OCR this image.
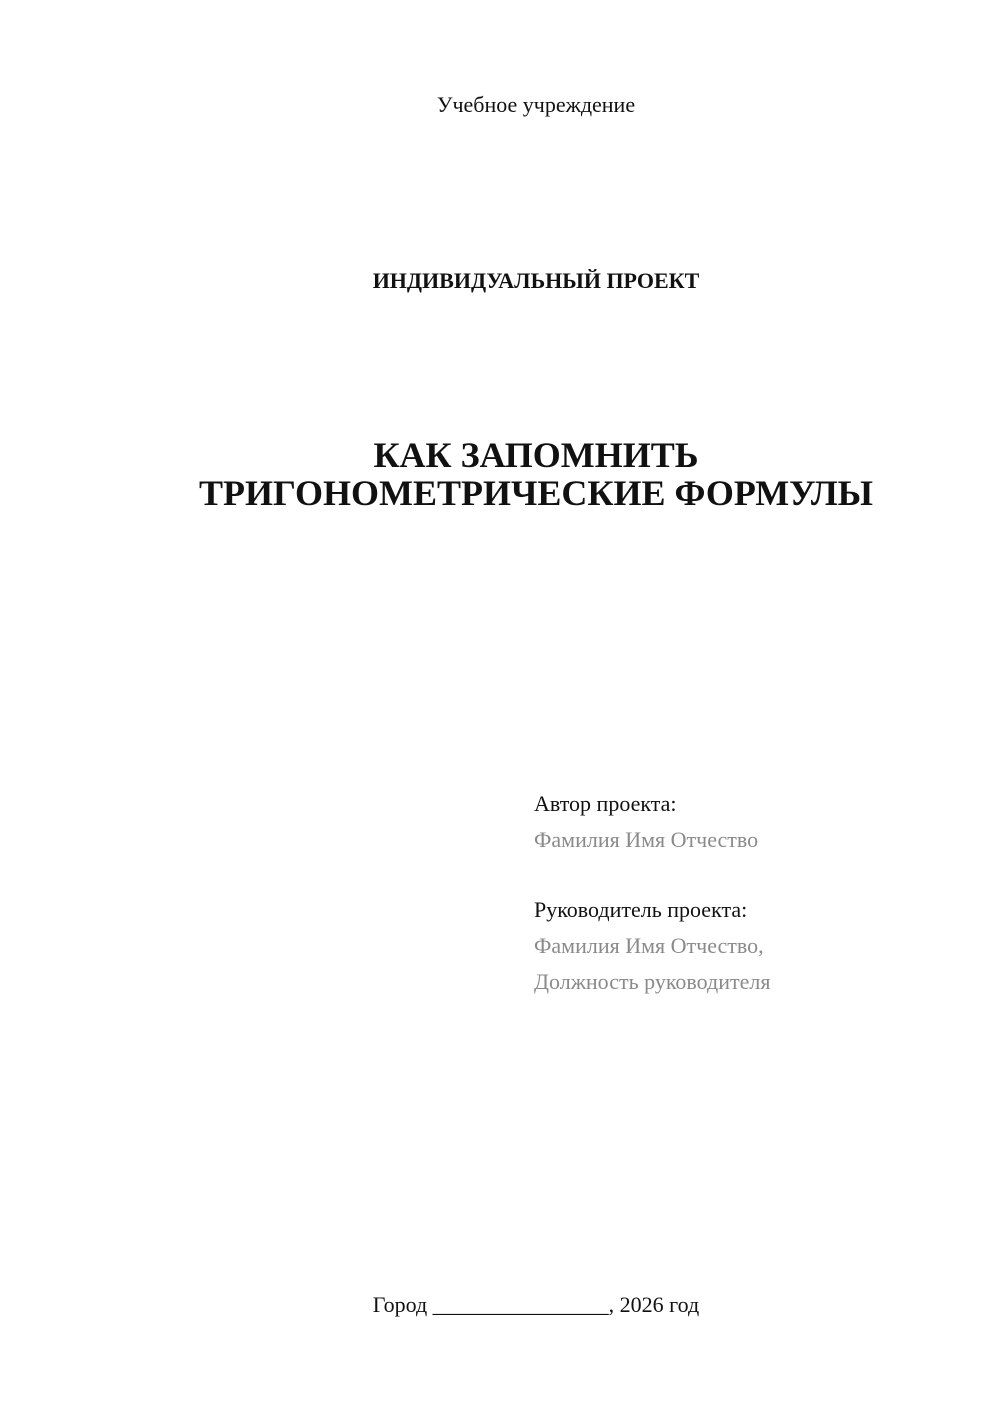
Учебное учреждение
ИНДИВИДУАЛЬНЫЙ ПРОЕКТ
КАК ЗАПОМНИТЬ
ТРИГОНОМЕТРИЧЕСКИЕ ФОРМУЛЫ
Автор проекта:
Фамилия Имя Отчество
Руководитель проекта:
Фамилия Имя Отчество,
Должность руководителя
Город ________________, 2026 год
